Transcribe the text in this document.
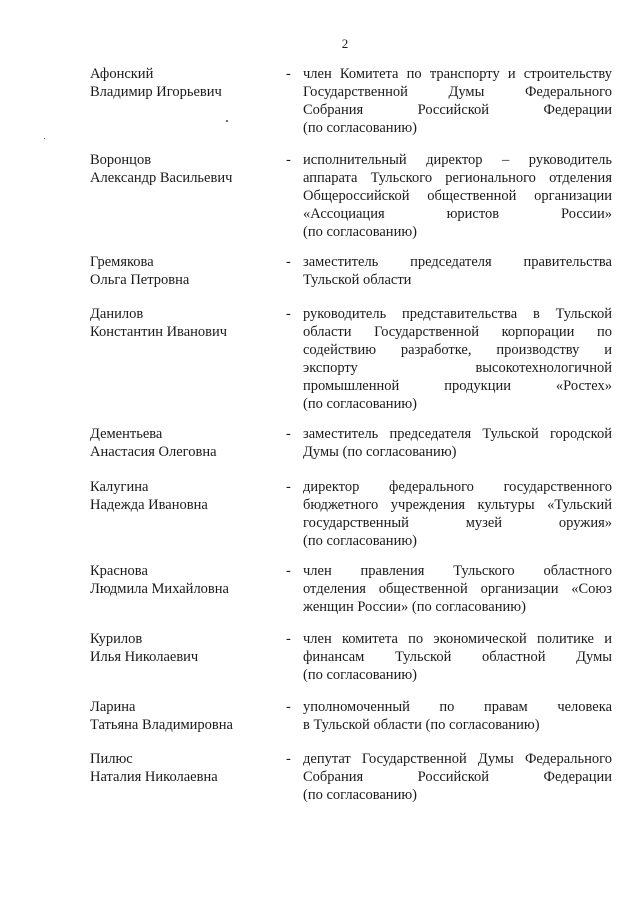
2
Афонский
Владимир Игорьевич
- член Комитета по транспорту и строительству
Государственной Думы Федерального
Собрания Российской Федерации
(по согласованию)
Воронцов
Александр Васильевич
- исполнительный директор – руководитель
аппарата Тульского регионального отделения
Общероссийской общественной организации
«Ассоциация юристов России»
(по согласованию)
Гремякова
Ольга Петровна
- заместитель председателя правительства
Тульской области
Данилов
Константин Иванович
- руководитель представительства в Тульской
области Государственной корпорации по
содействию разработке, производству и
экспорту высокотехнологичной
промышленной продукции «Ростех»
(по согласованию)
Дементьева
Анастасия Олеговна
- заместитель председателя Тульской городской
Думы (по согласованию)
Калугина
Надежда Ивановна
- директор федерального государственного
бюджетного учреждения культуры «Тульский
государственный музей оружия»
(по согласованию)
Краснова
Людмила Михайловна
- член правления Тульского областного
отделения общественной организации «Союз
женщин России» (по согласованию)
Курилов
Илья Николаевич
- член комитета по экономической политике и
финансам Тульской областной Думы
(по согласованию)
Ларина
Татьяна Владимировна
- уполномоченный по правам человека
в Тульской области (по согласованию)
Пилюс
Наталия Николаевна
- депутат Государственной Думы Федерального
Собрания Российской Федерации
(по согласованию)
